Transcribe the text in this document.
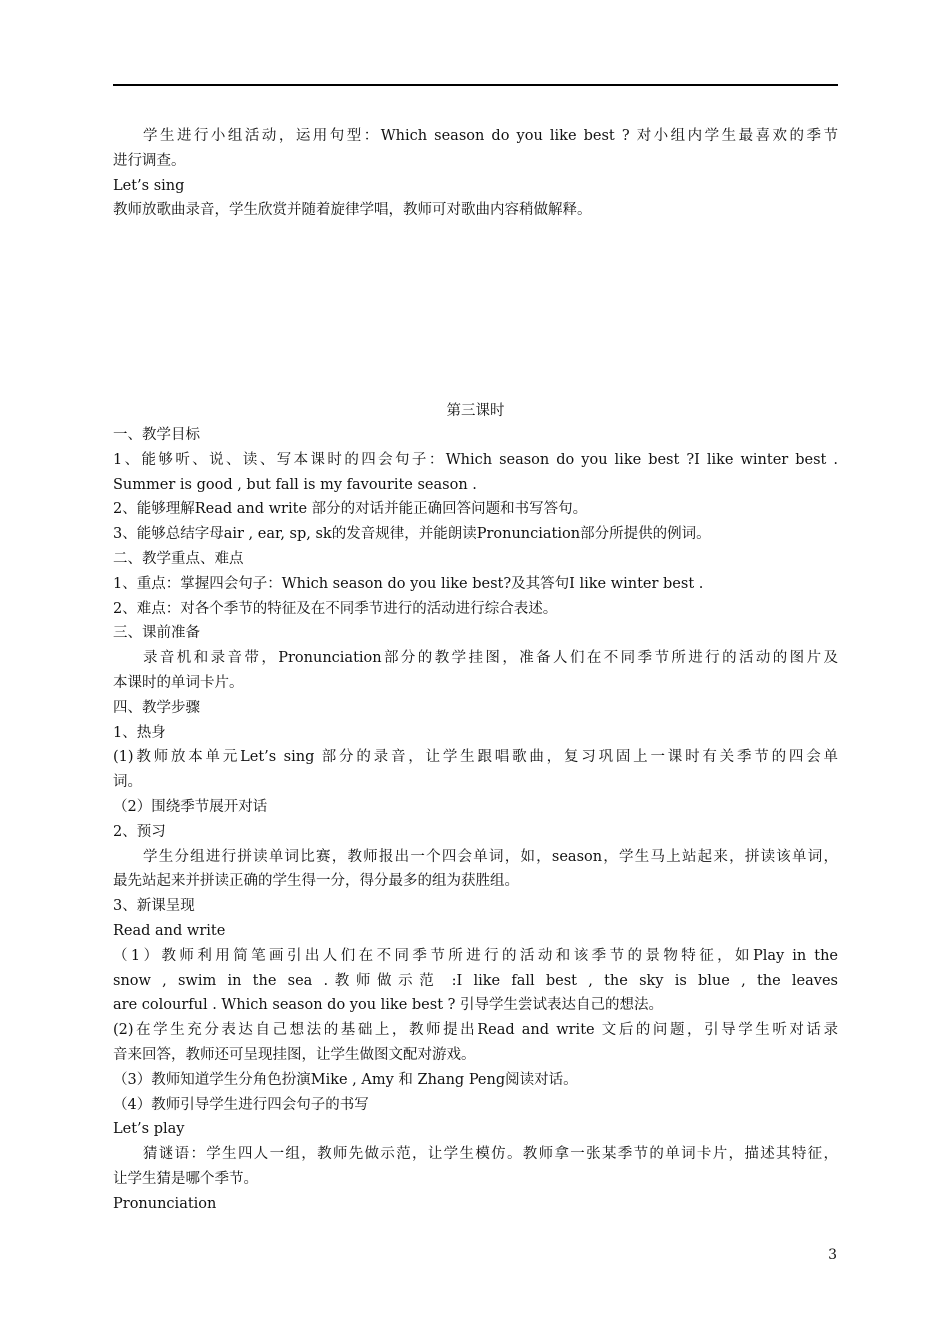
学生进行小组活动，运用句型：Which season do you like best ? 对小组内学生最喜欢的季节
进行调查。
Let’s sing
教师放歌曲录音，学生欣赏并随着旋律学唱，教师可对歌曲内容稍做解释。
第三课时
一、教学目标
1、能够听、说、读、写本课时的四会句子：Which season do you like best ?I like winter best .
Summer is good , but fall is my favourite season .
2、能够理解Read and write 部分的对话并能正确回答问题和书写答句。
3、能够总结字母air , ear, sp, sk的发音规律，并能朗读Pronunciation部分所提供的例词。
二、教学重点、难点
1、重点：掌握四会句子：Which season do you like best?及其答句I like winter best .
2、难点：对各个季节的特征及在不同季节进行的活动进行综合表述。
三、课前准备
录音机和录音带，Pronunciation部分的教学挂图，准备人们在不同季节所进行的活动的图片及
本课时的单词卡片。
四、教学步骤
1、热身
(1)教师放本单元Let’s sing 部分的录音，让学生跟唱歌曲，复习巩固上一课时有关季节的四会单
词。
（2）围绕季节展开对话
2、预习
学生分组进行拼读单词比赛，教师报出一个四会单词，如，season，学生马上站起来，拼读该单词，
最先站起来并拼读正确的学生得一分，得分最多的组为获胜组。
3、新课呈现
Read and write
（1）教师利用简笔画引出人们在不同季节所进行的活动和该季节的景物特征，如Play in the
snow , swim in the sea .教师做示范 :I like fall best , the sky is blue , the leaves
are colourful . Which season do you like best ? 引导学生尝试表达自己的想法。
(2)在学生充分表达自己想法的基础上，教师提出Read and write 文后的问题，引导学生听对话录
音来回答，教师还可呈现挂图，让学生做图文配对游戏。
（3）教师知道学生分角色扮演Mike , Amy 和 Zhang Peng阅读对话。
（4）教师引导学生进行四会句子的书写
Let’s play
猜谜语：学生四人一组，教师先做示范，让学生模仿。教师拿一张某季节的单词卡片，描述其特征，
让学生猜是哪个季节。
Pronunciation
3
